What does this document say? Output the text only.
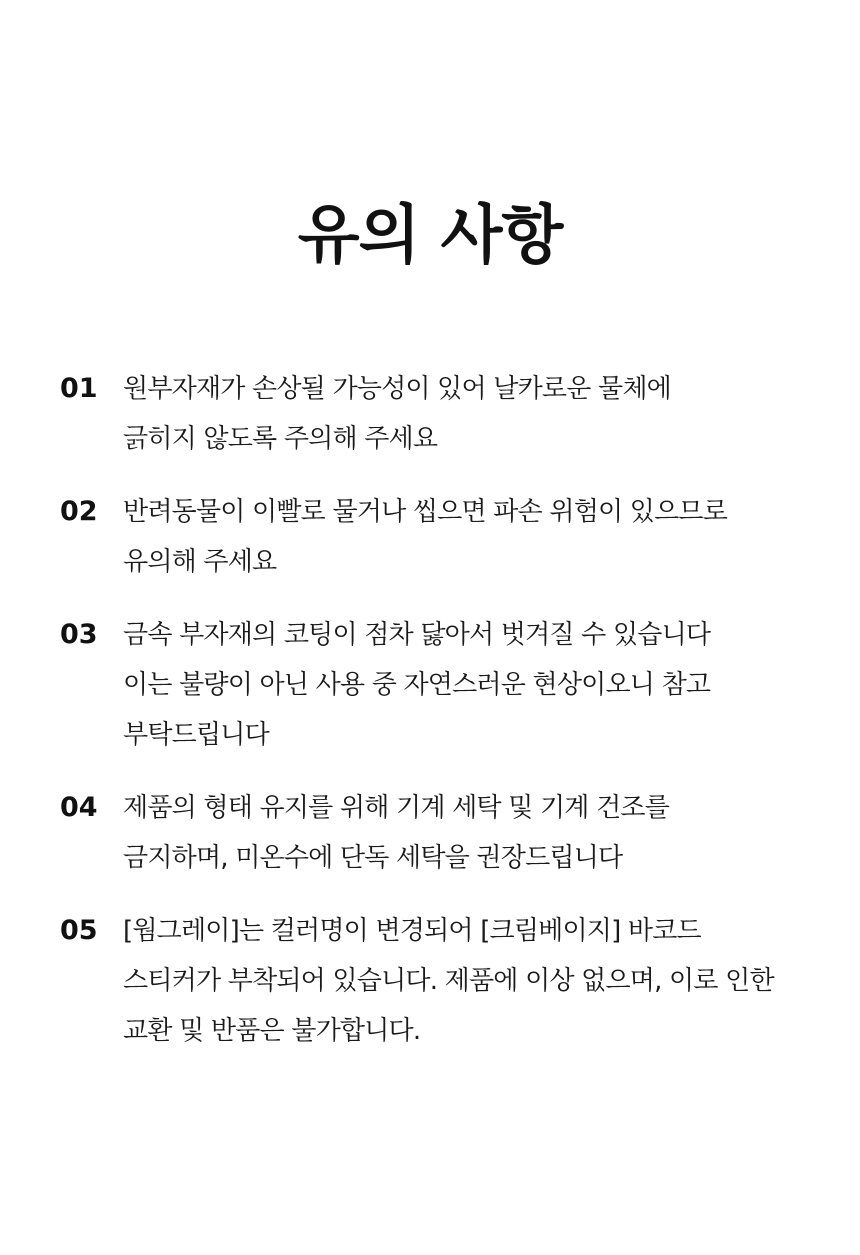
유의 사항
01 원부자재가 손상될 가능성이 있어 날카로운 물체에
긁히지 않도록 주의해 주세요
02 반려동물이 이빨로 물거나 씹으면 파손 위험이 있으므로
유의해 주세요
03 금속 부자재의 코팅이 점차 닳아서 벗겨질 수 있습니다
이는 불량이 아닌 사용 중 자연스러운 현상이오니 참고
부탁드립니다
04 제품의 형태 유지를 위해 기계 세탁 및 기계 건조를
금지하며, 미온수에 단독 세탁을 권장드립니다
05 [웜그레이]는 컬러명이 변경되어 [크림베이지] 바코드
스티커가 부착되어 있습니다. 제품에 이상 없으며, 이로 인한
교환 및 반품은 불가합니다.
